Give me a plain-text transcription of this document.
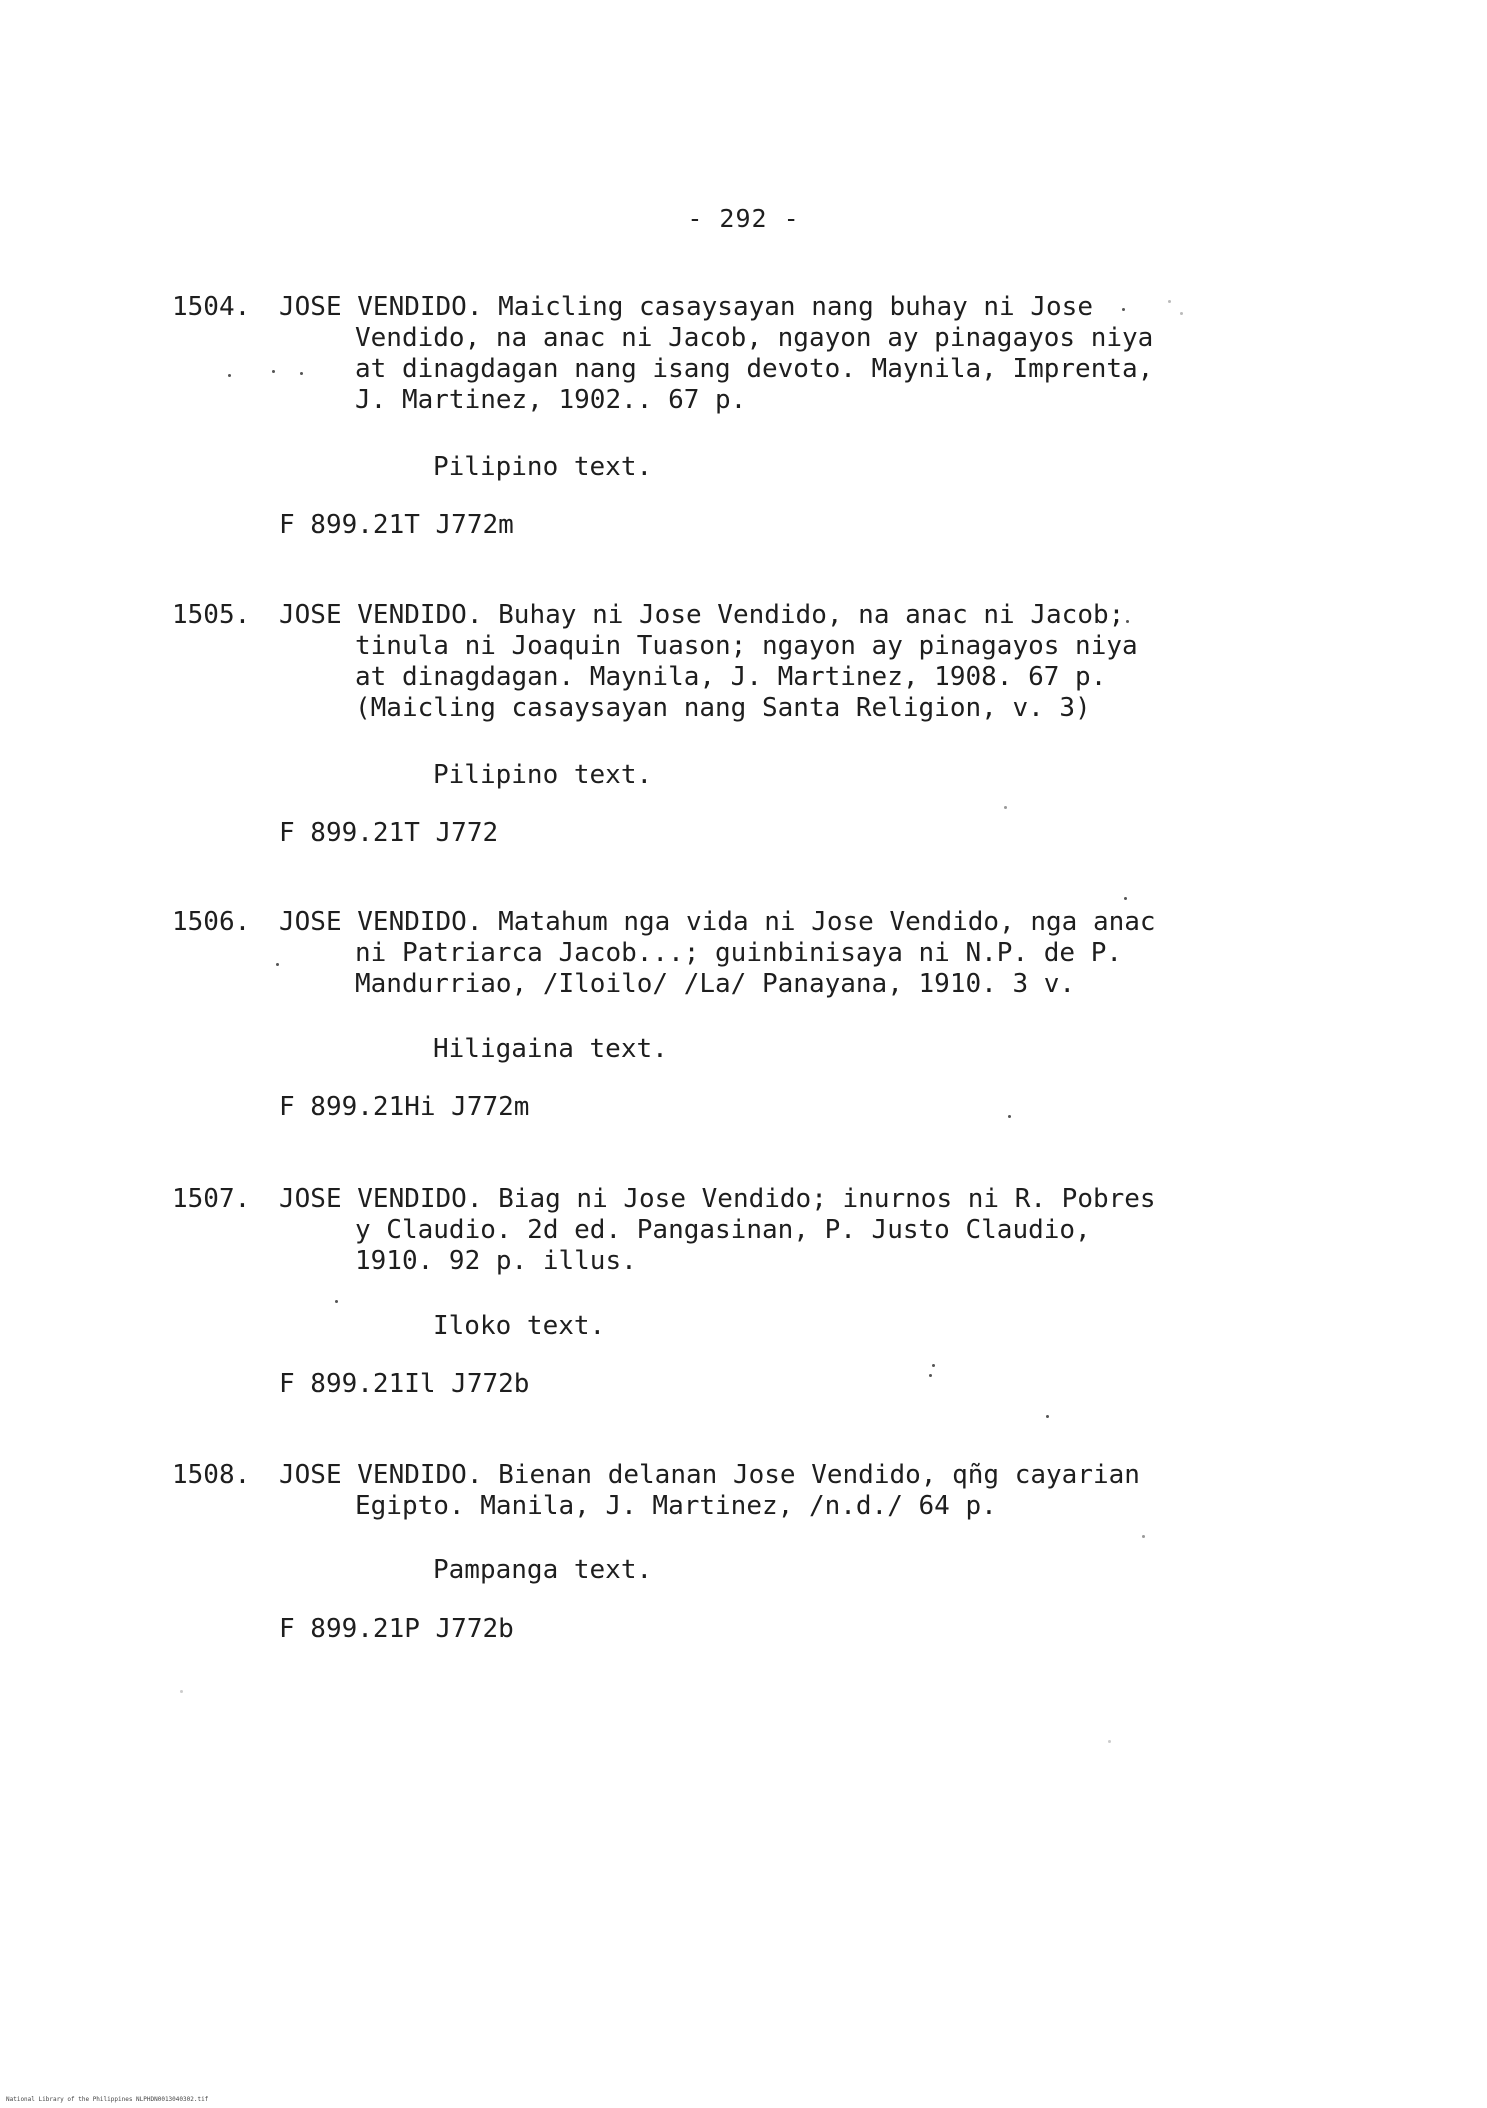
- 292 -
1504. JOSE VENDIDO. Maicling casaysayan nang buhay ni Jose
Vendido, na anac ni Jacob, ngayon ay pinagayos niya
at dinagdagan nang isang devoto. Maynila, Imprenta,
J. Martinez, 1902.. 67 p.
Pilipino text.
F 899.21T J772m
1505. JOSE VENDIDO. Buhay ni Jose Vendido, na anac ni Jacob;
tinula ni Joaquin Tuason; ngayon ay pinagayos niya
at dinagdagan. Maynila, J. Martinez, 1908. 67 p.
(Maicling casaysayan nang Santa Religion, v. 3)
Pilipino text.
F 899.21T J772
1506. JOSE VENDIDO. Matahum nga vida ni Jose Vendido, nga anac
ni Patriarca Jacob...; guinbinisaya ni N.P. de P.
Mandurriao, /Iloilo/ /La/ Panayana, 1910. 3 v.
Hiligaina text.
F 899.21Hi J772m
1507. JOSE VENDIDO. Biag ni Jose Vendido; inurnos ni R. Pobres
y Claudio. 2d ed. Pangasinan, P. Justo Claudio,
1910. 92 p. illus.
Iloko text.
F 899.21Il J772b
1508. JOSE VENDIDO. Bienan delanan Jose Vendido, qñg cayarian
Egipto. Manila, J. Martinez, /n.d./ 64 p.
Pampanga text.
F 899.21P J772b
National Library of the Philippines NLPHDN0013040302.tif
